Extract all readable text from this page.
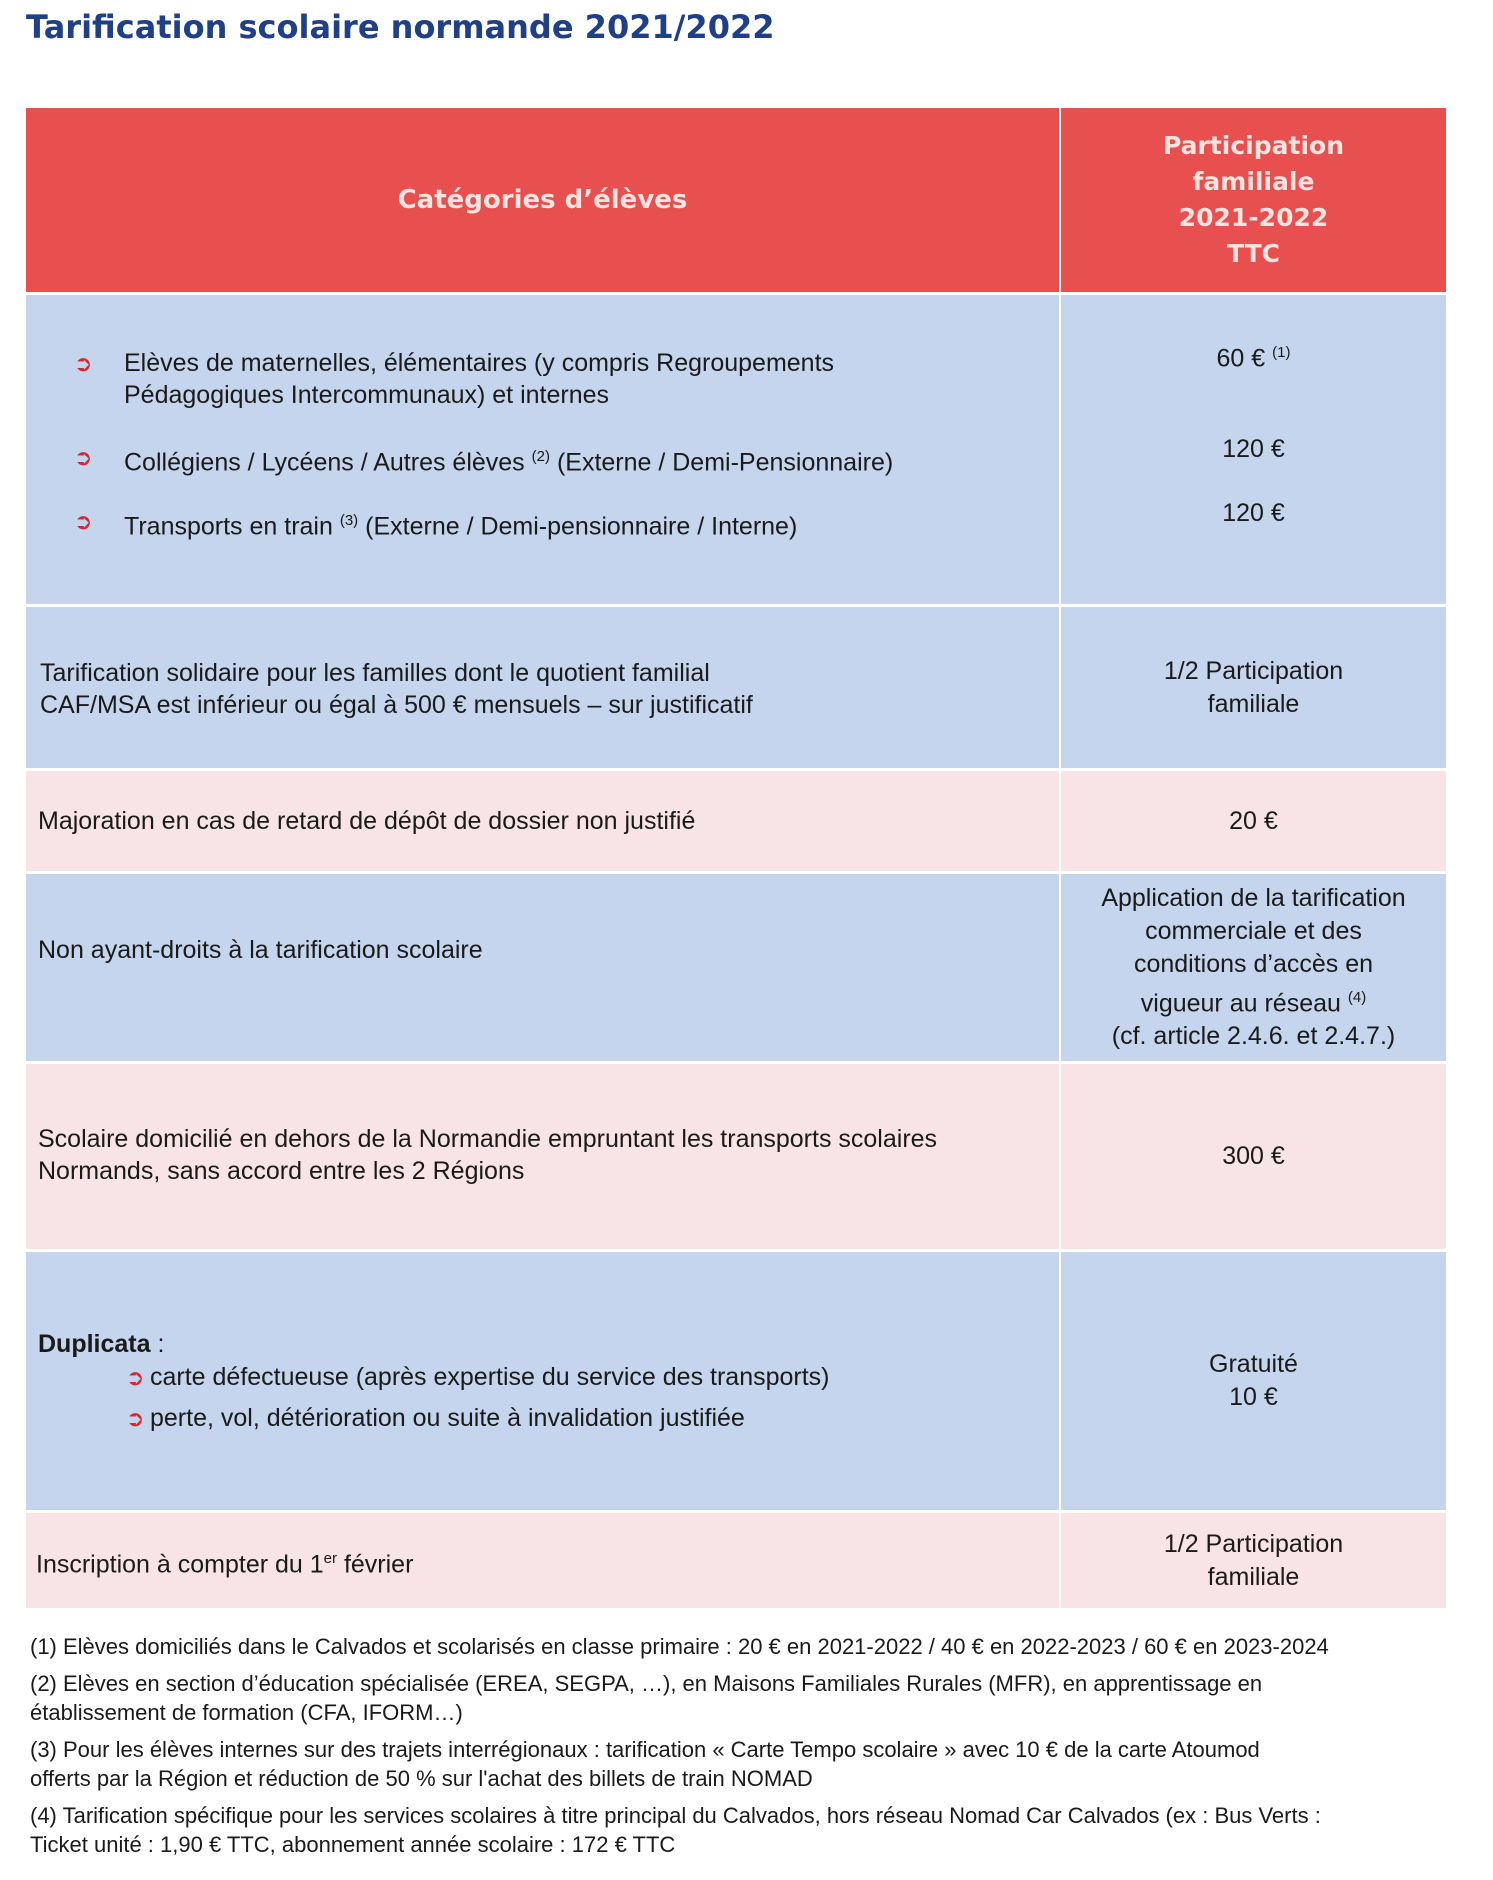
Tarification scolaire normande 2021/2022
Catégories d’élèves
Participation
familiale
2021-2022
TTC
➲ Elèves de maternelles, élémentaires (y compris Regroupements
Pédagogiques Intercommunaux) et internes
➲ Collégiens / Lycéens / Autres élèves $^{(2)}$ (Externe / Demi-Pensionnaire)
➲ Transports en train $^{(3)}$ (Externe / Demi-pensionnaire / Interne)
60 € $^{(1)}$
120 €
120 €
Tarification solidaire pour les familles dont le quotient familial
CAF/MSA est inférieur ou égal à 500 € mensuels – sur justificatif
1/2 Participation
familiale
Majoration en cas de retard de dépôt de dossier non justifié	20 €
Non ayant-droits à la tarification scolaire
Application de la tarification
commerciale et des
conditions d’accès en
vigueur au réseau $^{(4)}$
(cf. article 2.4.6. et 2.4.7.)
Scolaire domicilié en dehors de la Normandie empruntant les transports scolaires
Normands, sans accord entre les 2 Régions
300 €
Duplicata :
➲ carte défectueuse (après expertise du service des transports)
➲ perte, vol, détérioration ou suite à invalidation justifiée
Gratuité
10 €
Inscription à compter du 1er février
1/2 Participation
familiale

(1) Elèves domiciliés dans le Calvados et scolarisés en classe primaire : 20 € en 2021-2022 / 40 € en 2022-2023 / 60 € en 2023-2024

(2) Elèves en section d’éducation spécialisée (EREA, SEGPA, …), en Maisons Familiales Rurales (MFR), en apprentissage en
établissement de formation (CFA, IFORM…)

(3) Pour les élèves internes sur des trajets interrégionaux : tarification « Carte Tempo scolaire » avec 10 € de la carte Atoumod
offerts par la Région et réduction de 50 % sur l'achat des billets de train NOMAD

(4) Tarification spécifique pour les services scolaires à titre principal du Calvados, hors réseau Nomad Car Calvados (ex : Bus Verts :
Ticket unité : 1,90 € TTC, abonnement année scolaire : 172 € TTC
